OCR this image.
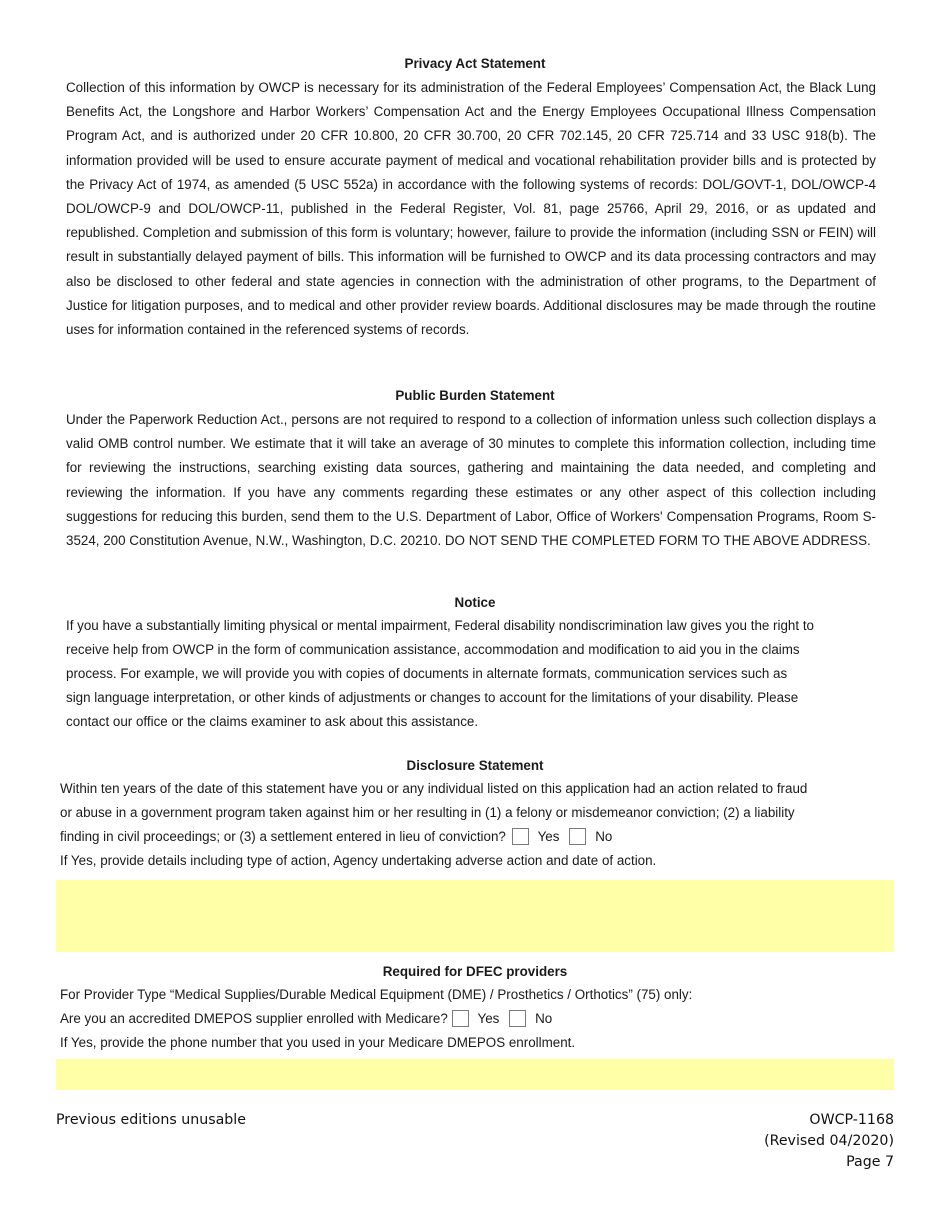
Privacy Act Statement

Collection of this information by OWCP is necessary for its administration of the Federal Employees’ Compensation Act, the Black Lung Benefits Act, the Longshore and Harbor Workers’ Compensation Act and the Energy Employees Occupational Illness Compensation Program Act, and is authorized under 20 CFR 10.800, 20 CFR 30.700, 20 CFR 702.145, 20 CFR 725.714 and 33 USC 918(b). The information provided will be used to ensure accurate payment of medical and vocational rehabilitation provider bills and is protected by the Privacy Act of 1974, as amended (5 USC 552a) in accordance with the following systems of records: DOL/GOVT-1, DOL/OWCP-4 DOL/OWCP-9 and DOL/OWCP-11, published in the Federal Register, Vol. 81, page 25766, April 29, 2016, or as updated and republished. Completion and submission of this form is voluntary; however, failure to provide the information (including SSN or FEIN) will result in substantially delayed payment of bills. This information will be furnished to OWCP and its data processing contractors and may also be disclosed to other federal and state agencies in connection with the administration of other programs, to the Department of Justice for litigation purposes, and to medical and other provider review boards. Additional disclosures may be made through the routine uses for information contained in the referenced systems of records.

Public Burden Statement

Under the Paperwork Reduction Act., persons are not required to respond to a collection of information unless such collection displays a valid OMB control number. We estimate that it will take an average of 30 minutes to complete this information collection, including time for reviewing the instructions, searching existing data sources, gathering and maintaining the data needed, and completing and reviewing the information. If you have any comments regarding these estimates or any other aspect of this collection including suggestions for reducing this burden, send them to the U.S. Department of Labor, Office of Workers' Compensation Programs, Room S-3524, 200 Constitution Avenue, N.W., Washington, D.C. 20210. DO NOT SEND THE COMPLETED FORM TO THE ABOVE ADDRESS.

Notice
If you have a substantially limiting physical or mental impairment, Federal disability nondiscrimination law gives you the right to
receive help from OWCP in the form of communication assistance, accommodation and modification to aid you in the claims
process. For example, we will provide you with copies of documents in alternate formats, communication services such as
sign language interpretation, or other kinds of adjustments or changes to account for the limitations of your disability. Please
contact our office or the claims examiner to ask about this assistance.
Disclosure Statement
Within ten years of the date of this statement have you or any individual listed on this application had an action related to fraud
or abuse in a government program taken against him or her resulting in (1) a felony or misdemeanor conviction; (2) a liability
finding in civil proceedings; or (3) a settlement entered in lieu of conviction? Yes	No
If Yes, provide details including type of action, Agency undertaking adverse action and date of action.
Required for DFEC providers
For Provider Type “Medical Supplies/Durable Medical Equipment (DME) / Prosthetics / Orthotics” (75) only:
Are you an accredited DMEPOS supplier enrolled with Medicare? Yes	No
If Yes, provide the phone number that you used in your Medicare DMEPOS enrollment.
Previous editions unusable	OWCP-1168
(Revised 04/2020)
Page 7
